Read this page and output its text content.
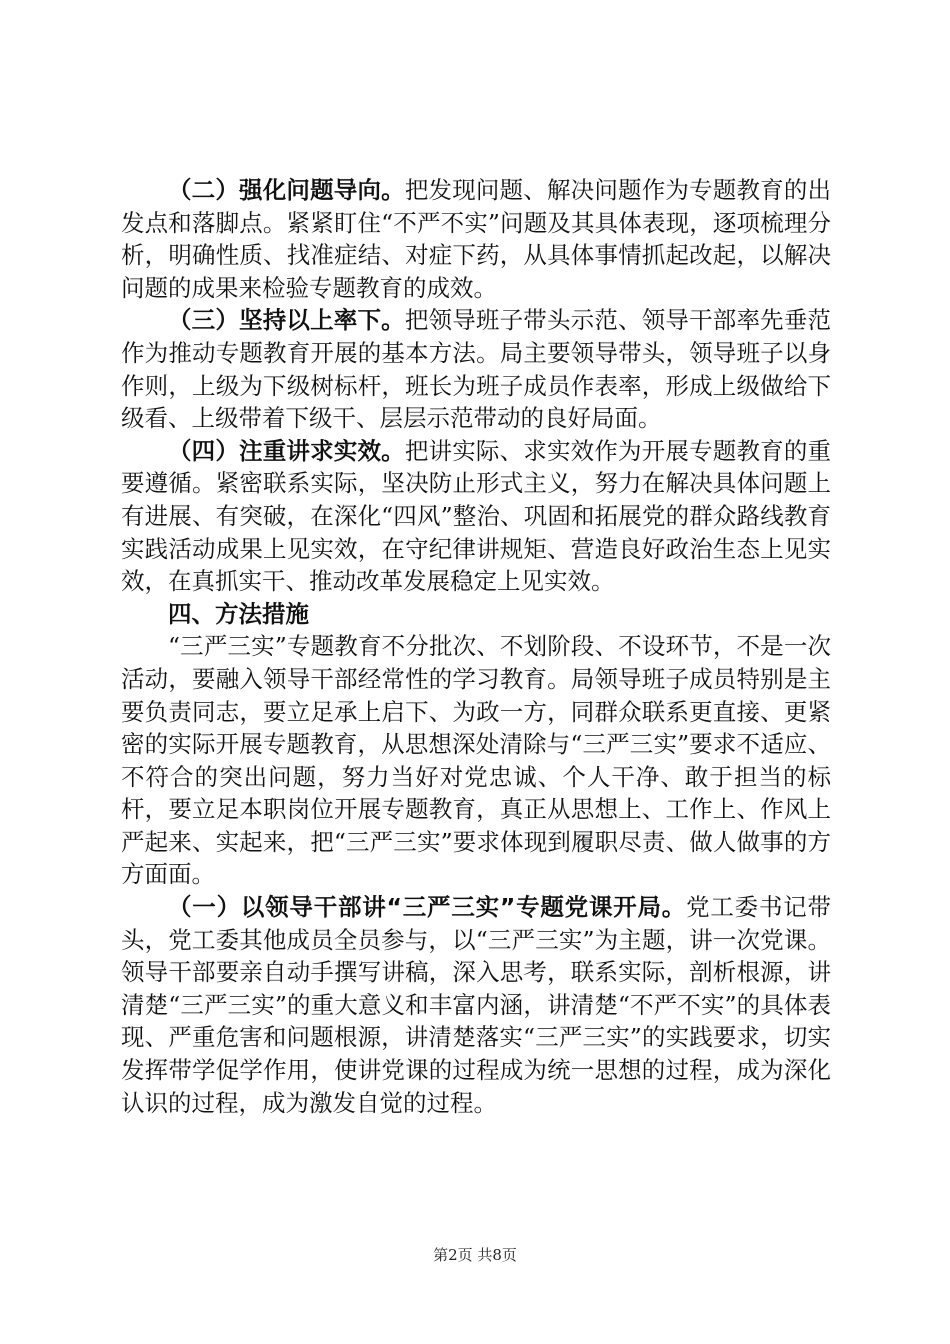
（二）强化问题导向。把发现问题、解决问题作为专题教育的出发点和落脚点。紧紧盯住“不严不实”问题及其具体表现，逐项梳理分析，明确性质、找准症结、对症下药，从具体事情抓起改起，以解决问题的成果来检验专题教育的成效。

（三）坚持以上率下。把领导班子带头示范、领导干部率先垂范作为推动专题教育开展的基本方法。局主要领导带头，领导班子以身作则，上级为下级树标杆，班长为班子成员作表率，形成上级做给下级看、上级带着下级干、层层示范带动的良好局面。

（四）注重讲求实效。把讲实际、求实效作为开展专题教育的重要遵循。紧密联系实际，坚决防止形式主义，努力在解决具体问题上有进展、有突破，在深化“四风”整治、巩固和拓展党的群众路线教育实践活动成果上见实效，在守纪律讲规矩、营造良好政治生态上见实效，在真抓实干、推动改革发展稳定上见实效。

四、方法措施

“三严三实”专题教育不分批次、不划阶段、不设环节，不是一次活动，要融入领导干部经常性的学习教育。局领导班子成员特别是主要负责同志，要立足承上启下、为政一方，同群众联系更直接、更紧密的实际开展专题教育，从思想深处清除与“三严三实”要求不适应、不符合的突出问题，努力当好对党忠诚、个人干净、敢于担当的标杆，要立足本职岗位开展专题教育，真正从思想上、工作上、作风上严起来、实起来，把“三严三实”要求体现到履职尽责、做人做事的方方面面。

（一）以领导干部讲“三严三实”专题党课开局。党工委书记带头，党工委其他成员全员参与，以“三严三实”为主题，讲一次党课。领导干部要亲自动手撰写讲稿，深入思考，联系实际，剖析根源，讲清楚“三严三实”的重大意义和丰富内涵，讲清楚“不严不实”的具体表现、严重危害和问题根源，讲清楚落实“三严三实”的实践要求，切实发挥带学促学作用，使讲党课的过程成为统一思想的过程，成为深化认识的过程，成为激发自觉的过程。

第2页 共8页
